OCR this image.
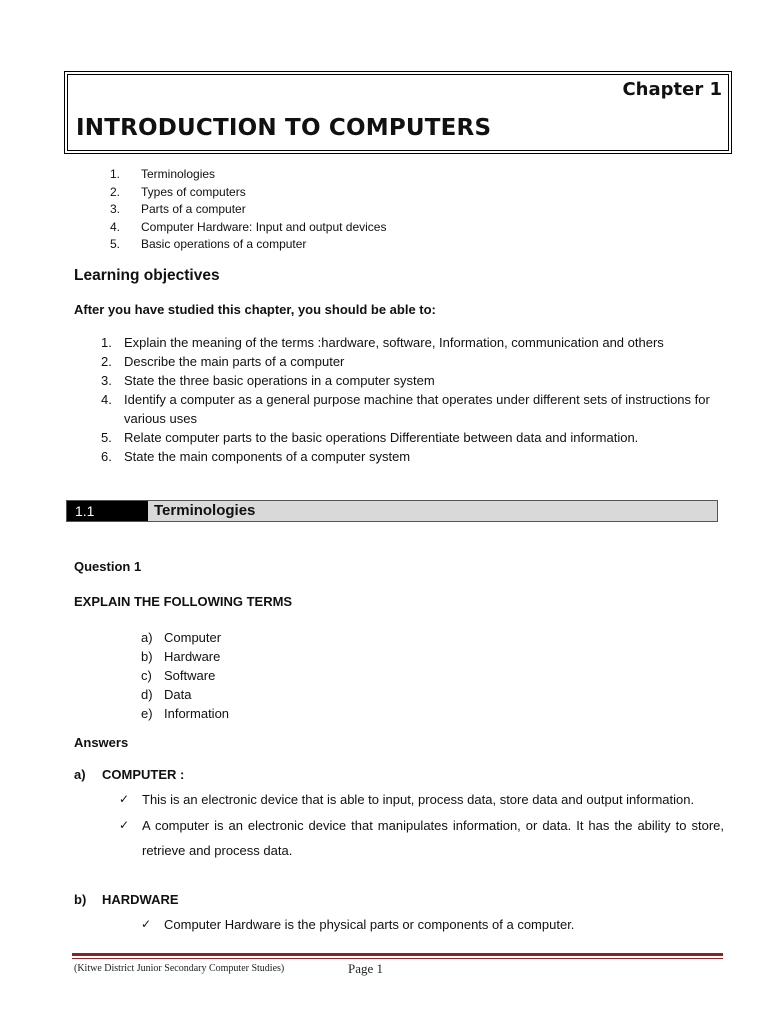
Chapter 1
INTRODUCTION TO COMPUTERS
1.	Terminologies
2.	Types of computers
3.	Parts of a computer
4.	Computer Hardware: Input and output devices
5.	Basic operations of a computer
Learning objectives
After you have studied this chapter, you should be able to:
1. Explain the meaning of the terms :hardware, software, Information, communication and others
2. Describe the main parts of a computer
3. State the three basic operations in a computer system
4. Identify a computer as a general purpose machine that operates under different sets of instructions for various uses
5. Relate computer parts to the basic operations Differentiate between data and information.
6. State the main components of a computer system
1.1	Terminologies
Question 1
EXPLAIN THE FOLLOWING TERMS
a) Computer
b) Hardware
c) Software
d) Data
e) Information
Answers
a)	COMPUTER :
✓ This is an electronic device that is able to input, process data, store data and output information.
✓ A computer is an electronic device that manipulates information, or data. It has the ability to store, retrieve and process data.
b)	HARDWARE
✓ Computer Hardware is the physical parts or components of a computer.
(Kitwe District Junior Secondary Computer Studies)	Page 1
